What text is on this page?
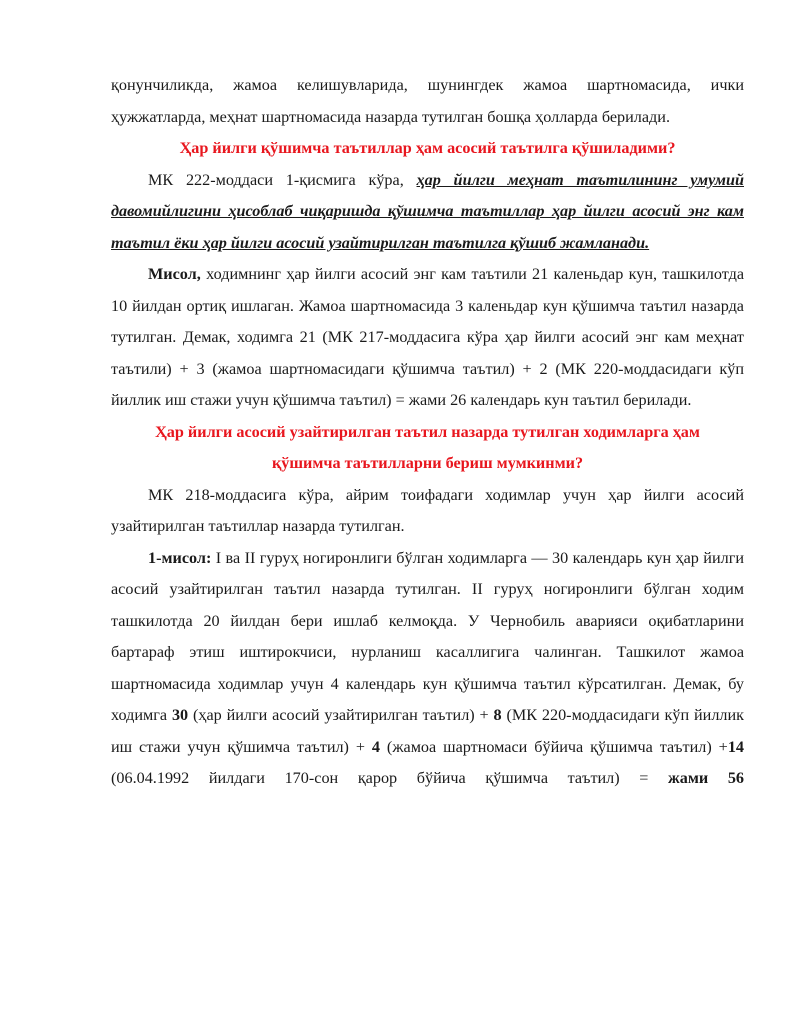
қонунчиликда, жамоа келишувларида, шунингдек жамоа шартномасида, ички ҳужжатларда, меҳнат шартномасида назарда тутилган бошқа ҳолларда берилади.

Ҳар йилги қўшимча таътиллар ҳам асосий таътилга қўшиладими?

МК 222-моддаси 1-қисмига кўра, ҳар йилги меҳнат таътилининг умумий давомийлигини ҳисоблаб чиқаришда қўшимча таътиллар ҳар йилги асосий энг кам таътил ёки ҳар йилги асосий узайтирилган таътилга қўшиб жамланади.

Мисол, ходимнинг ҳар йилги асосий энг кам таътили 21 каленьдар кун, ташкилотда 10 йилдан ортиқ ишлаган. Жамоа шартномасида 3 каленьдар кун қўшимча таътил назарда тутилган. Демак, ходимга 21 (МК 217-моддасига кўра ҳар йилги асосий энг кам меҳнат таътили) + 3 (жамоа шартномасидаги қўшимча таътил) + 2 (МК 220-моддасидаги кўп йиллик иш стажи учун қўшимча таътил) = жами 26 календарь кун таътил берилади.

Ҳар йилги асосий узайтирилган таътил назарда тутилган ходимларга ҳам

қўшимча таътилларни бериш мумкинми?

МК 218-моддасига кўра, айрим тоифадаги ходимлар учун ҳар йилги асосий узайтирилган таътиллар назарда тутилган.

1-мисол: I ва II гуруҳ ногиронлиги бўлган ходимларга — 30 календарь кун ҳар йилги асосий узайтирилган таътил назарда тутилган. II гуруҳ ногиронлиги бўлган ходим ташкилотда 20 йилдан бери ишлаб келмоқда. У Чернобиль аварияси оқибатларини бартараф этиш иштирокчиси, нурланиш касаллигига чалинган. Ташкилот жамоа шартномасида ходимлар учун 4 календарь кун қўшимча таътил кўрсатилган. Демак, бу ходимга 30 (ҳар йилги асосий узайтирилган таътил) + 8 (МК 220-моддасидаги кўп йиллик иш стажи учун қўшимча таътил) + 4 (жамоа шартномаси бўйича қўшимча таътил) +14 (06.04.1992 йилдаги 170-сон қарор бўйича қўшимча таътил) = жами 56
